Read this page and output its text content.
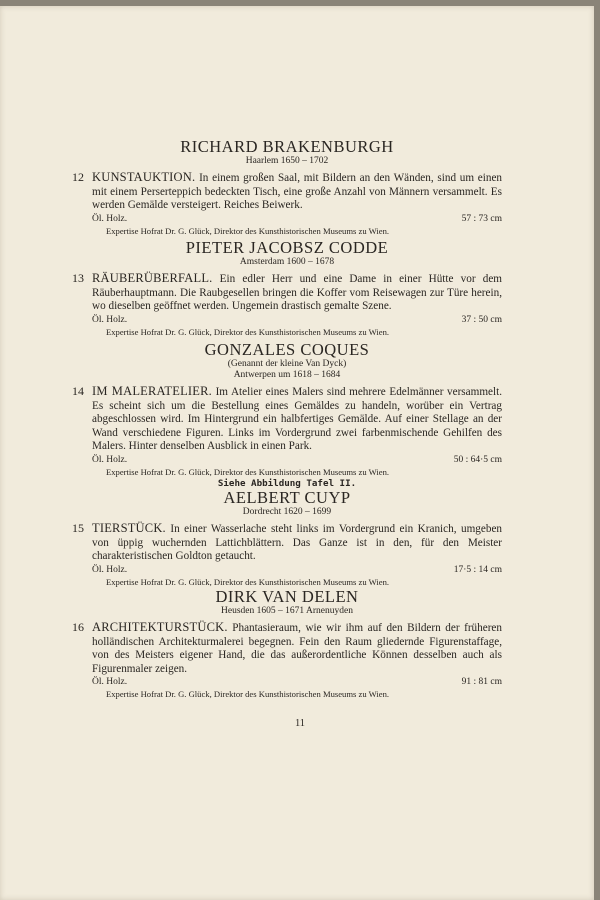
RICHARD BRAKENBURGH

Haarlem 1650 – 1702

12 KUNSTAUKTION. In einem großen Saal, mit Bildern an den Wänden, sind um einen mit einem Perserteppich bedeckten Tisch, eine große Anzahl von Männern versammelt. Es werden Gemälde versteigert. Reiches Beiwerk.
Öl. Holz.	57 : 73 cm
Expertise Hofrat Dr. G. Glück, Direktor des Kunsthistorischen Museums zu Wien.

PIETER JACOBSZ CODDE

Amsterdam 1600 – 1678

13 RÄUBERÜBERFALL. Ein edler Herr und eine Dame in einer Hütte vor dem Räuberhauptmann. Die Raubgesellen bringen die Koffer vom Reisewagen zur Türe herein, wo dieselben geöffnet werden. Ungemein drastisch gemalte Szene.
Öl. Holz.	37 : 50 cm
Expertise Hofrat Dr. G. Glück, Direktor des Kunsthistorischen Museums zu Wien.

GONZALES COQUES

(Genannt der kleine Van Dyck)

Antwerpen um 1618 – 1684

14 IM MALERATELIER. Im Atelier eines Malers sind mehrere Edelmänner versammelt. Es scheint sich um die Bestellung eines Gemäldes zu handeln, worüber ein Vertrag abgeschlossen wird. Im Hintergrund ein halbfertiges Gemälde. Auf einer Stellage an der Wand verschiedene Figuren. Links im Vordergrund zwei farbenmischende Gehilfen des Malers. Hinter denselben Ausblick in einen Park.
Öl. Holz.	50 : 64·5 cm
Expertise Hofrat Dr. G. Glück, Direktor des Kunsthistorischen Museums zu Wien.
Siehe Abbildung Tafel II.

AELBERT CUYP

Dordrecht 1620 – 1699

15 TIERSTÜCK. In einer Wasserlache steht links im Vordergrund ein Kranich, umgeben von üppig wuchernden Lattichblättern. Das Ganze ist in den, für den Meister charakteristischen Goldton getaucht.
Öl. Holz.	17·5 : 14 cm
Expertise Hofrat Dr. G. Glück, Direktor des Kunsthistorischen Museums zu Wien.

DIRK VAN DELEN

Heusden 1605 – 1671 Arnenuyden

16 ARCHITEKTURSTÜCK. Phantasieraum, wie wir ihm auf den Bildern der früheren holländischen Architekturmalerei begegnen. Fein den Raum gliedernde Figurenstaffage, von des Meisters eigener Hand, die das außerordentliche Können desselben auch als Figurenmaler zeigen.
Öl. Holz.	91 : 81 cm
Expertise Hofrat Dr. G. Glück, Direktor des Kunsthistorischen Museums zu Wien.
11
